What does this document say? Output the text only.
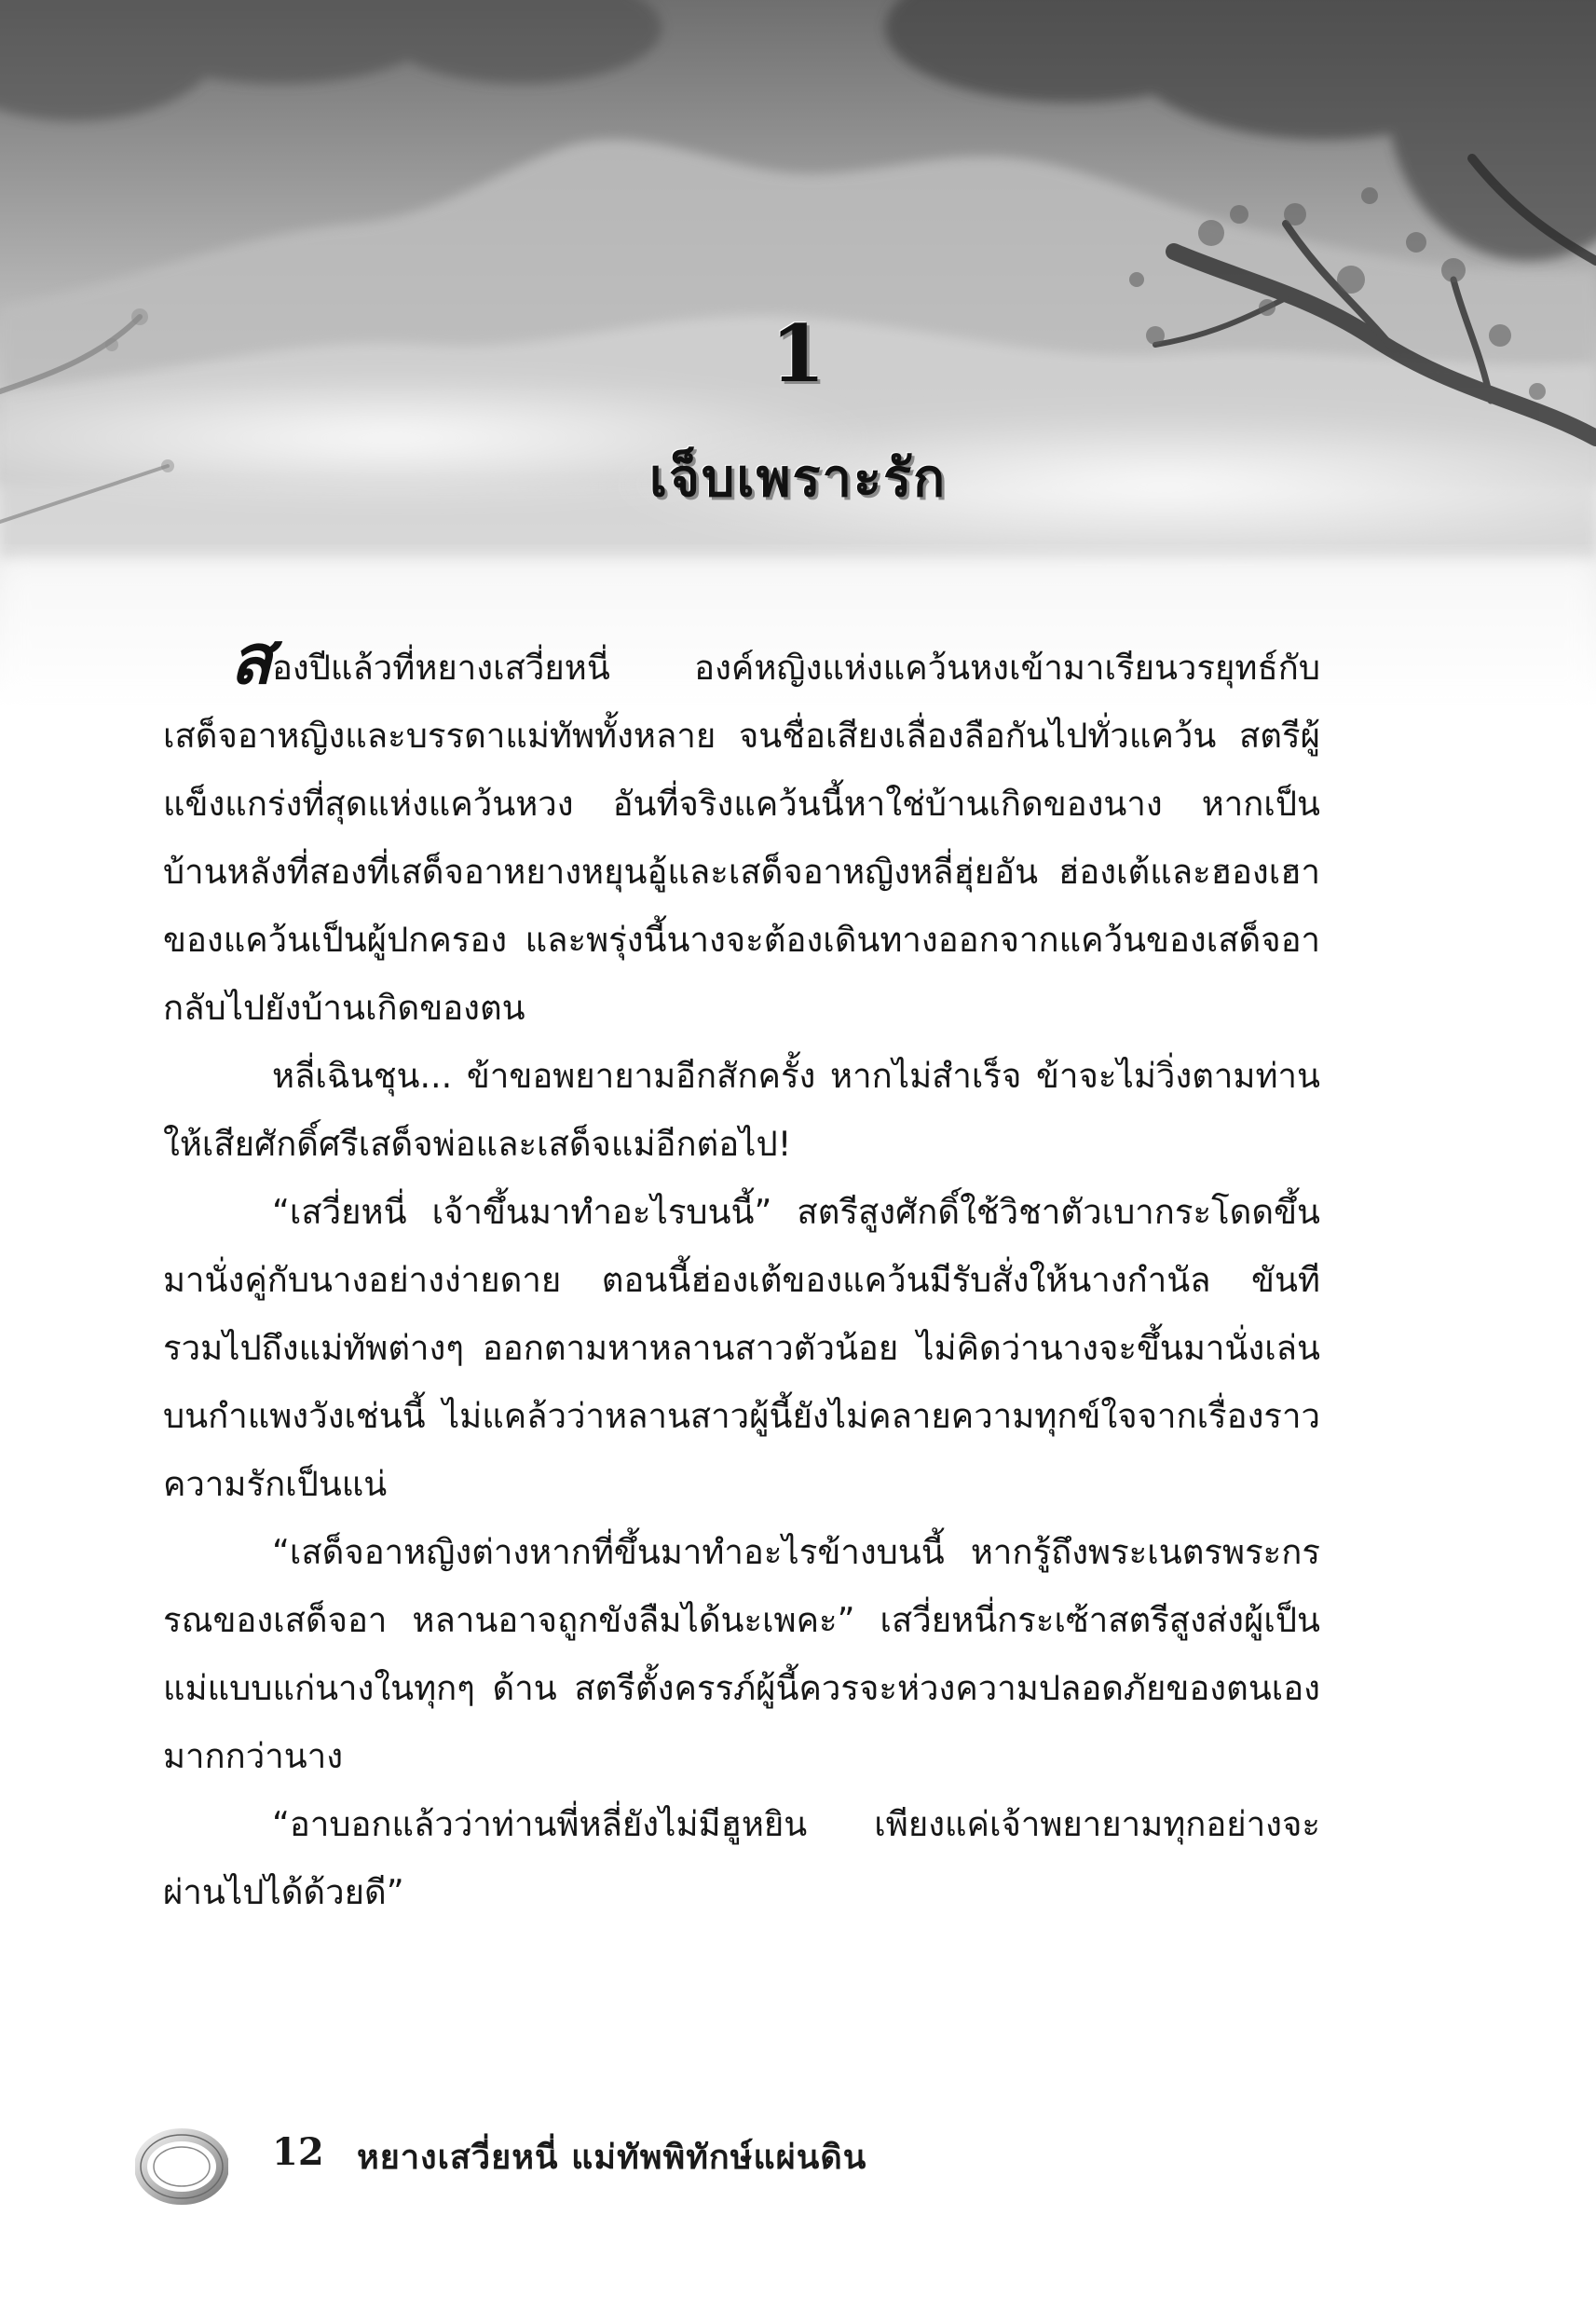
1
เจ็บเพราะรัก

สองปีแล้วที่หยางเสวี่ยหนี่ องค์หญิงแห่งแคว้นหงเข้ามาเรียนวรยุทธ์กับเสด็จอาหญิงและบรรดาแม่ทัพทั้งหลาย จนชื่อเสียงเลื่องลือกันไปทั่วแคว้น สตรีผู้แข็งแกร่งที่สุดแห่งแคว้นหวง อันที่จริงแคว้นนี้หาใช่บ้านเกิดของนาง หากเป็นบ้านหลังที่สองที่เสด็จอาหยางหยุนอู้และเสด็จอาหญิงหลี่ฮุ่ยอัน ฮ่องเต้และฮองเฮาของแคว้นเป็นผู้ปกครอง และพรุ่งนี้นางจะต้องเดินทางออกจากแคว้นของเสด็จอากลับไปยังบ้านเกิดของตน

หลี่เฉินชุน... ข้าขอพยายามอีกสักครั้ง หากไม่สำเร็จ ข้าจะไม่วิ่งตามท่านให้เสียศักดิ์ศรีเสด็จพ่อและเสด็จแม่อีกต่อไป!

“เสวี่ยหนี่ เจ้าขึ้นมาทำอะไรบนนี้” สตรีสูงศักดิ์ใช้วิชาตัวเบากระโดดขึ้นมานั่งคู่กับนางอย่างง่ายดาย ตอนนี้ฮ่องเต้ของแคว้นมีรับสั่งให้นางกำนัล ขันที รวมไปถึงแม่ทัพต่างๆ ออกตามหาหลานสาวตัวน้อย ไม่คิดว่านางจะขึ้นมานั่งเล่นบนกำแพงวังเช่นนี้ ไม่แคล้วว่าหลานสาวผู้นี้ยังไม่คลายความทุกข์ใจจากเรื่องราวความรักเป็นแน่

“เสด็จอาหญิงต่างหากที่ขึ้นมาทำอะไรข้างบนนี้ หากรู้ถึงพระเนตรพระกรรณของเสด็จอา หลานอาจถูกขังลืมได้นะเพคะ” เสวี่ยหนี่กระเซ้าสตรีสูงส่งผู้เป็นแม่แบบแก่นางในทุกๆ ด้าน สตรีตั้งครรภ์ผู้นี้ควรจะห่วงความปลอดภัยของตนเองมากกว่านาง

“อาบอกแล้วว่าท่านพี่หลี่ยังไม่มีฮูหยิน เพียงแค่เจ้าพยายามทุกอย่างจะผ่านไปได้ด้วยดี”

12 หยางเสวี่ยหนี่ แม่ทัพพิทักษ์แผ่นดิน
